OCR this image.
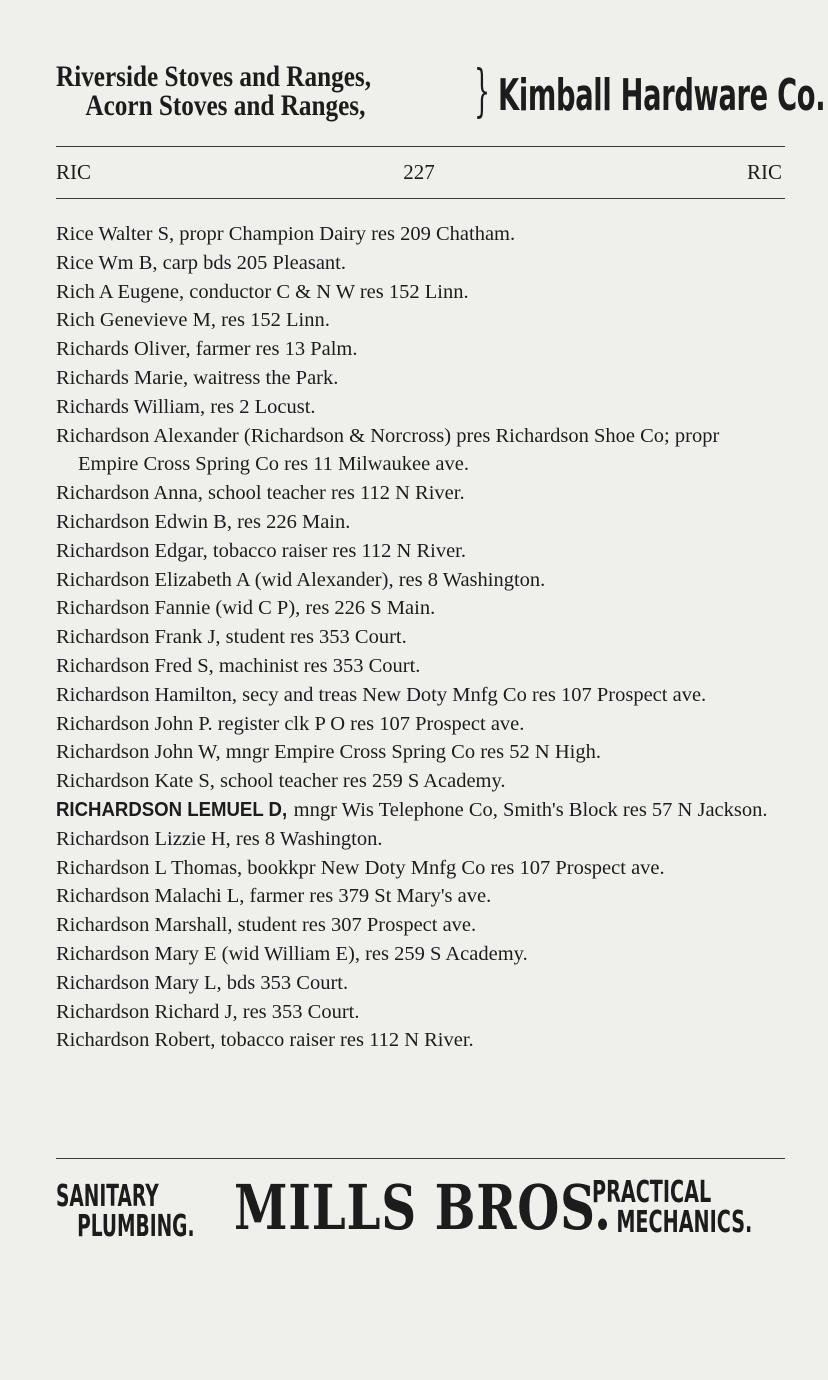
Riverside Stoves and Ranges,
Acorn Stoves and Ranges, } Kimball Hardware Co.
227
RIC	RIC

Rice Walter S, propr Champion Dairy res 209 Chatham.

Rice Wm B, carp bds 205 Pleasant.

Rich A Eugene, conductor C & N W res 152 Linn.

Rich Genevieve M, res 152 Linn.

Richards Oliver, farmer res 13 Palm.

Richards Marie, waitress the Park.

Richards William, res 2 Locust.

Richardson Alexander (Richardson & Norcross) pres Richardson Shoe Co; propr Empire Cross Spring Co res 11 Milwaukee ave.

Richardson Anna, school teacher res 112 N River.

Richardson Edwin B, res 226 Main.

Richardson Edgar, tobacco raiser res 112 N River.

Richardson Elizabeth A (wid Alexander), res 8 Washington.

Richardson Fannie (wid C P), res 226 S Main.

Richardson Frank J, student res 353 Court.

Richardson Fred S, machinist res 353 Court.

Richardson Hamilton, secy and treas New Doty Mnfg Co res 107 Prospect ave.

Richardson John P. register clk P O res 107 Prospect ave.

Richardson John W, mngr Empire Cross Spring Co res 52 N High.

Richardson Kate S, school teacher res 259 S Academy.

RICHARDSON LEMUEL D, mngr Wis Telephone Co, Smith's Block res 57 N Jackson.

Richardson Lizzie H, res 8 Washington.

Richardson L Thomas, bookkpr New Doty Mnfg Co res 107 Prospect ave.

Richardson Malachi L, farmer res 379 St Mary's ave.

Richardson Marshall, student res 307 Prospect ave.

Richardson Mary E (wid William E), res 259 S Academy.

Richardson Mary L, bds 353 Court.

Richardson Richard J, res 353 Court.

Richardson Robert, tobacco raiser res 112 N River.

SANITARY
PLUMBING. MILLS BROS.
PRACTICAL
MECHANICS.
